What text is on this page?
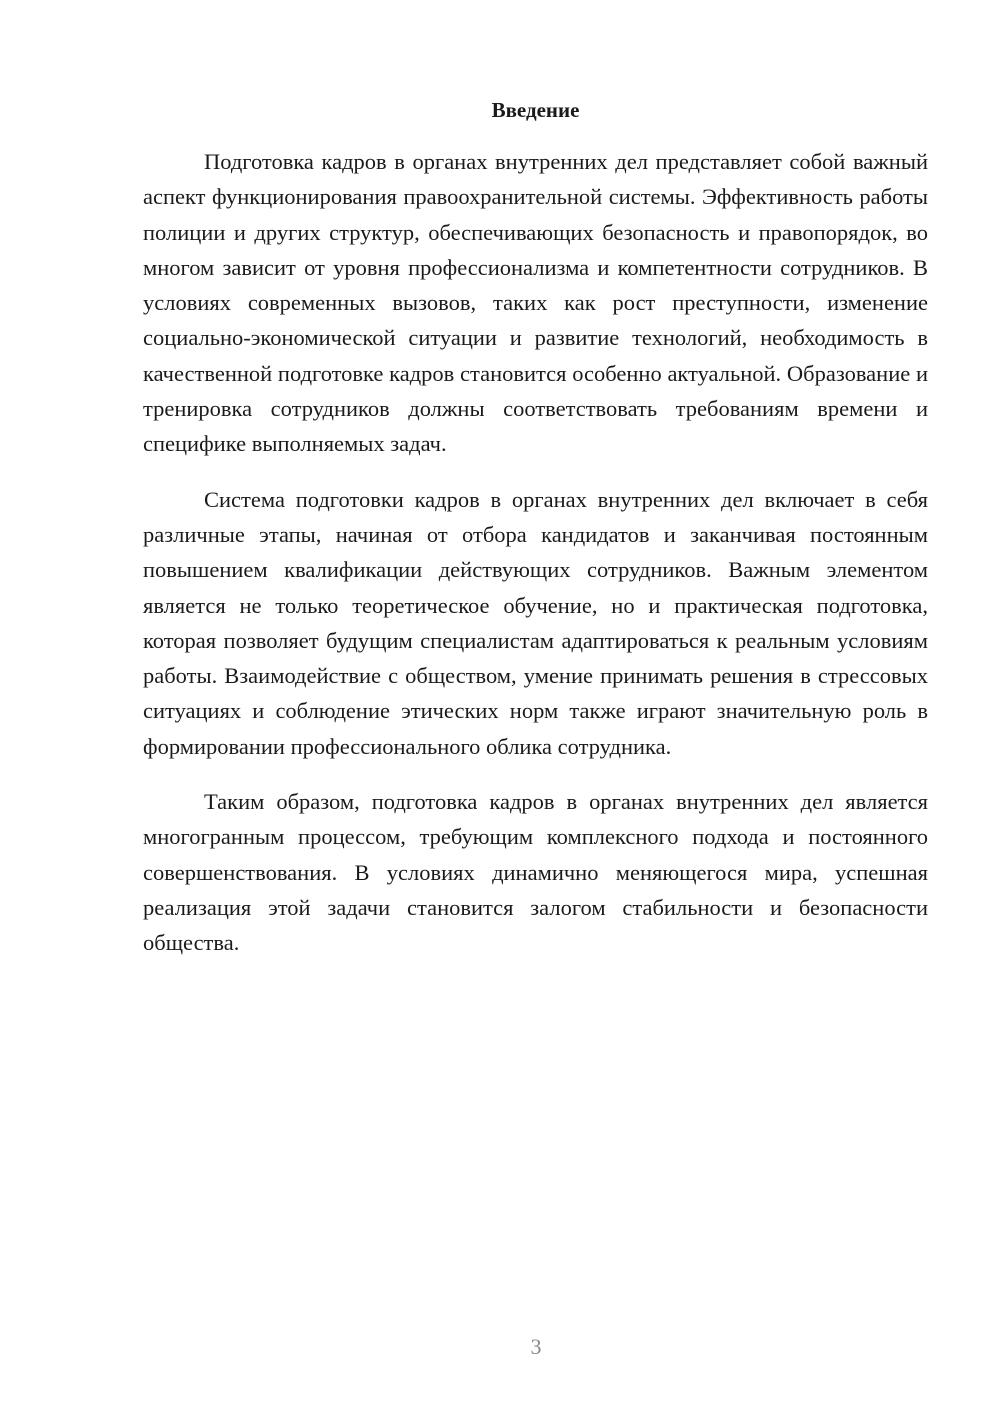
Введение

Подготовка кадров в органах внутренних дел представляет собой важный аспект функционирования правоохранительной системы. Эффективность работы полиции и других структур, обеспечивающих безопасность и правопорядок, во многом зависит от уровня профессионализма и компетентности сотрудников. В условиях современных вызовов, таких как рост преступности, изменение социально-экономической ситуации и развитие технологий, необходимость в качественной подготовке кадров становится особенно актуальной. Образование и тренировка сотрудников должны соответствовать требованиям времени и специфике выполняемых задач.

Система подготовки кадров в органах внутренних дел включает в себя различные этапы, начиная от отбора кандидатов и заканчивая постоянным повышением квалификации действующих сотрудников. Важным элементом является не только теоретическое обучение, но и практическая подготовка, которая позволяет будущим специалистам адаптироваться к реальным условиям работы. Взаимодействие с обществом, умение принимать решения в стрессовых ситуациях и соблюдение этических норм также играют значительную роль в формировании профессионального облика сотрудника.

Таким образом, подготовка кадров в органах внутренних дел является многогранным процессом, требующим комплексного подхода и постоянного совершенствования. В условиях динамично меняющегося мира, успешная реализация этой задачи становится залогом стабильности и безопасности общества.

3
